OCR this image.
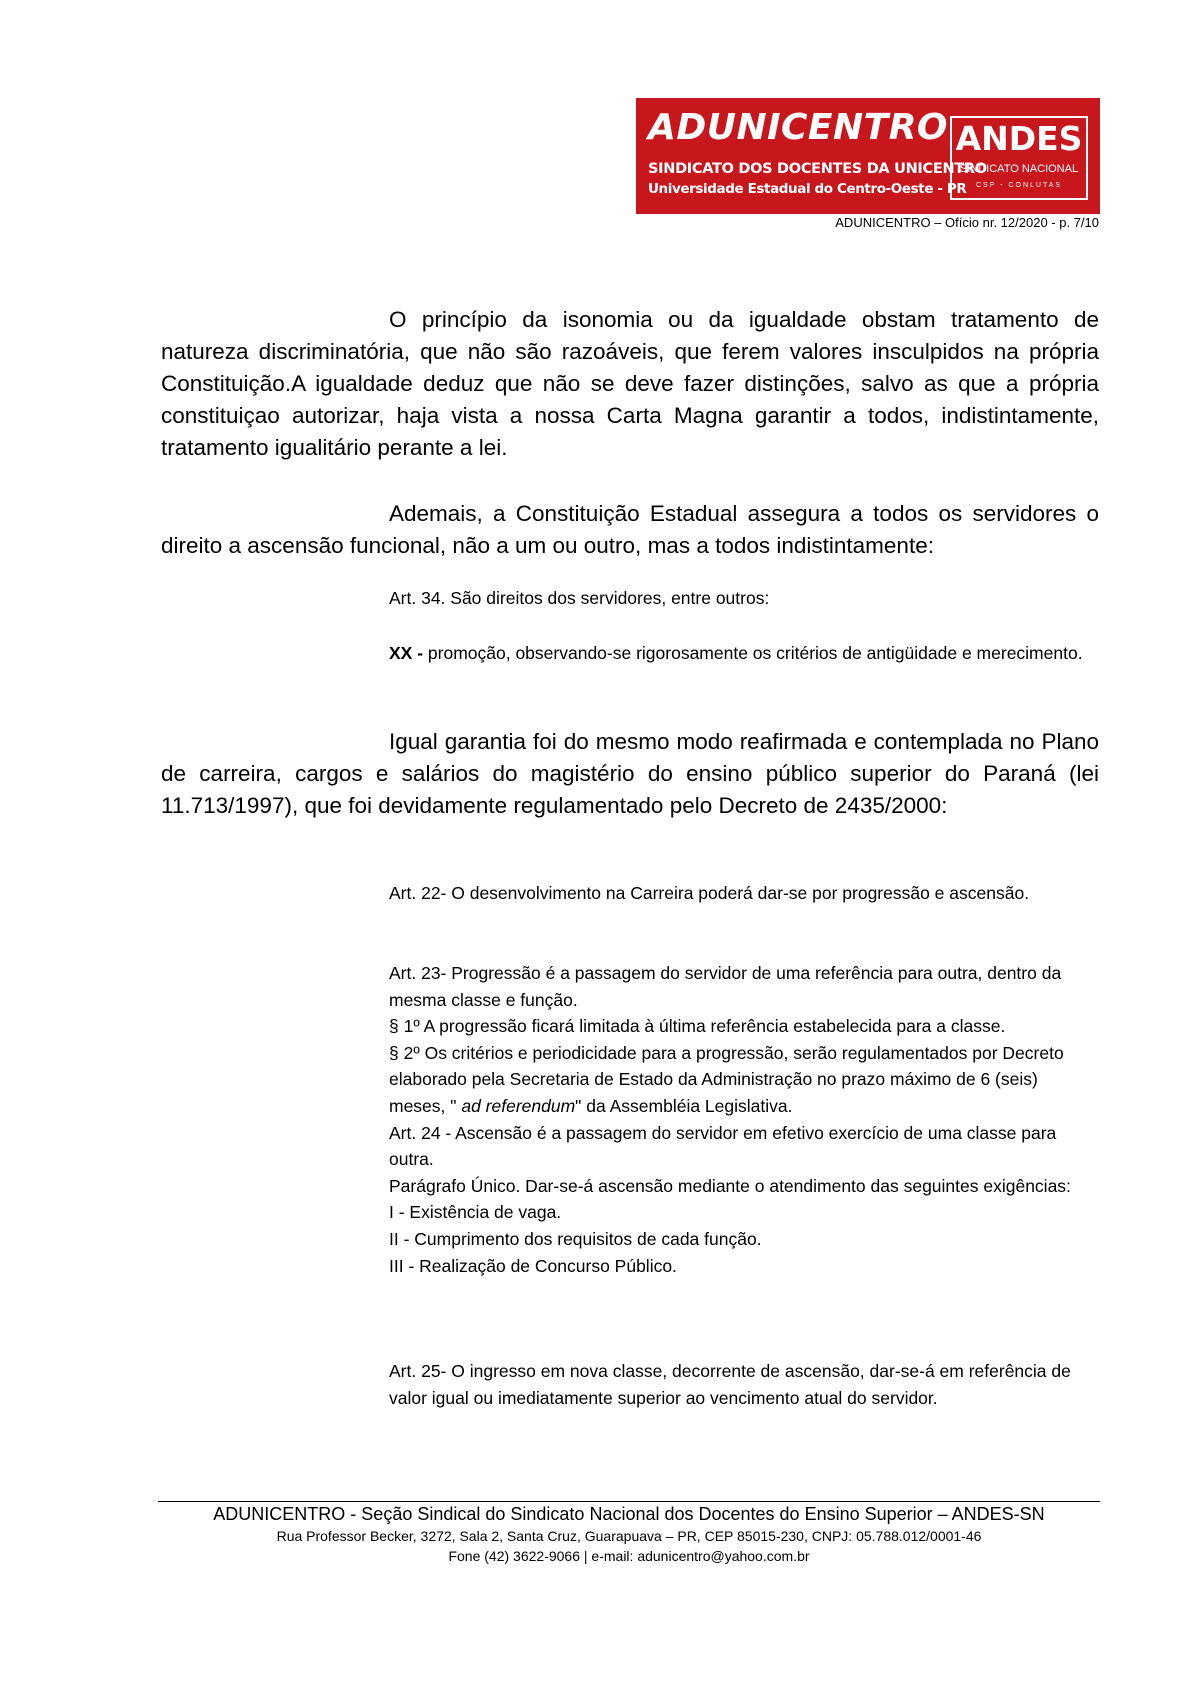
ADUNICENTRO
SINDICATO DOS DOCENTES DA UNICENTRO
Universidade Estadual do Centro-Oeste - PR
ANDES
SINDICATO NACIONAL
CSP - CONLUTAS
ADUNICENTRO – Ofício nr. 12/2020 - p. 7/10

O princípio da isonomia ou da igualdade obstam tratamento de natureza discriminatória, que não são razoáveis, que ferem valores insculpidos na própria Constituição.A igualdade deduz que não se deve fazer distinções, salvo as que a própria constituiçao autorizar, haja vista a nossa Carta Magna garantir a todos, indistintamente, tratamento igualitário perante a lei.

Ademais, a Constituição Estadual assegura a todos os servidores o direito a ascensão funcional, não a um ou outro, mas a todos indistintamente:

Art. 34. São direitos dos servidores, entre outros:
XX - promoção, observando-se rigorosamente os critérios de antigüidade e merecimento.

Igual garantia foi do mesmo modo reafirmada e contemplada no Plano de carreira, cargos e salários do magistério do ensino público superior do Paraná (lei 11.713/1997), que foi devidamente regulamentado pelo Decreto de 2435/2000:

Art. 22- O desenvolvimento na Carreira poderá dar-se por progressão e ascensão.
Art. 23- Progressão é a passagem do servidor de uma referência para outra, dentro da mesma classe e função.
§ 1º A progressão ficará limitada à última referência estabelecida para a classe.
§ 2º Os critérios e periodicidade para a progressão, serão regulamentados por Decreto elaborado pela Secretaria de Estado da Administração no prazo máximo de 6 (seis) meses, " ad referendum" da Assembléia Legislativa.
Art. 24 - Ascensão é a passagem do servidor em efetivo exercício de uma classe para outra.
Parágrafo Único. Dar-se-á ascensão mediante o atendimento das seguintes exigências:
I - Existência de vaga.
II - Cumprimento dos requisitos de cada função.
III - Realização de Concurso Público.
Art. 25- O ingresso em nova classe, decorrente de ascensão, dar-se-á em referência de valor igual ou imediatamente superior ao vencimento atual do servidor.
ADUNICENTRO - Seção Sindical do Sindicato Nacional dos Docentes do Ensino Superior – ANDES-SN
Rua Professor Becker, 3272, Sala 2, Santa Cruz, Guarapuava – PR, CEP 85015-230, CNPJ: 05.788.012/0001-46
Fone (42) 3622-9066 | e-mail: adunicentro@yahoo.com.br
